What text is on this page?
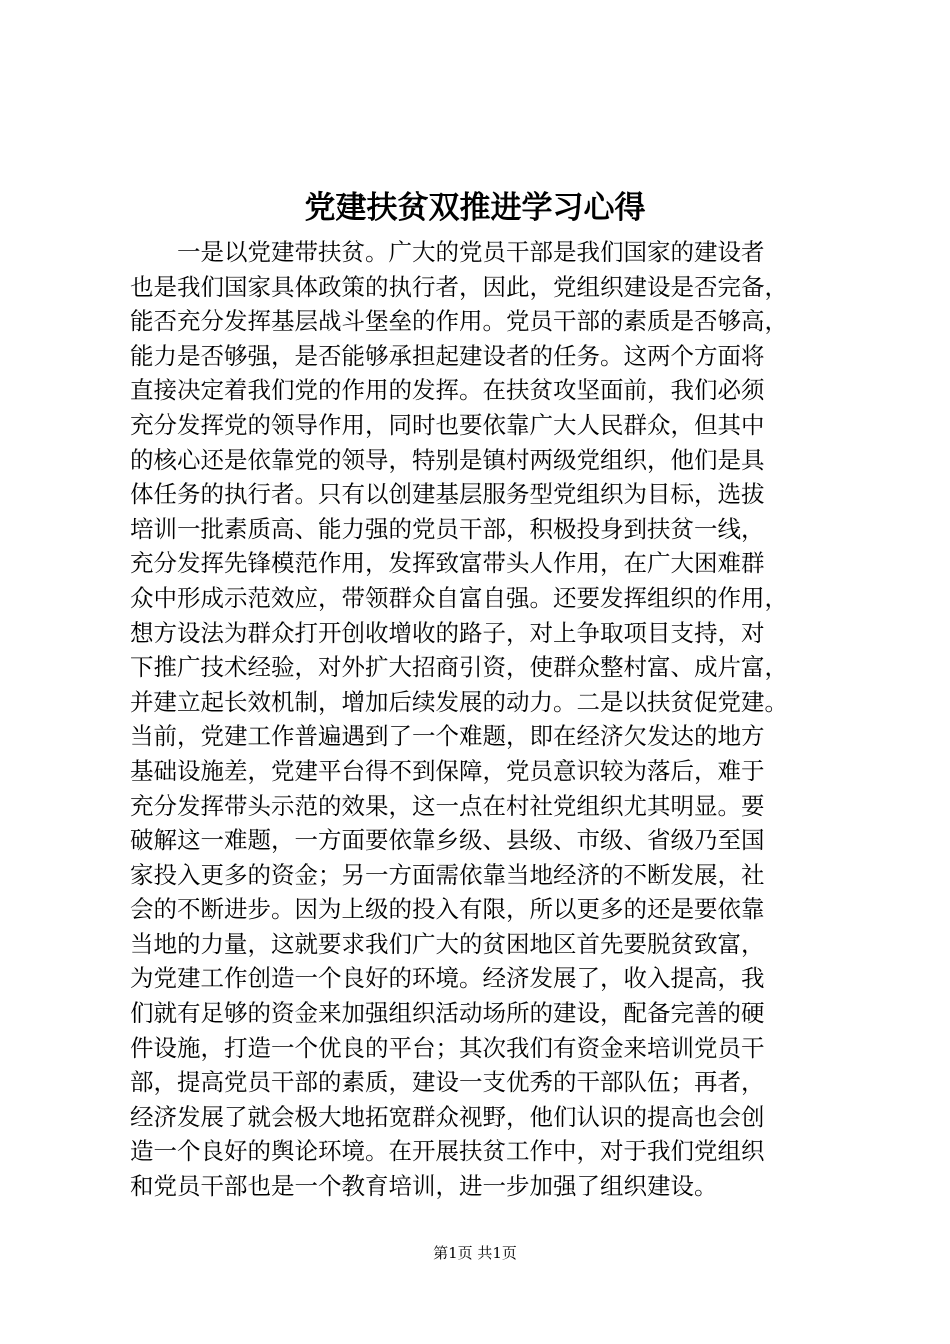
党建扶贫双推进学习心得
一是以党建带扶贫。广大的党员干部是我们国家的建设者
也是我们国家具体政策的执行者，因此，党组织建设是否完备，
能否充分发挥基层战斗堡垒的作用。党员干部的素质是否够高，
能力是否够强，是否能够承担起建设者的任务。这两个方面将
直接决定着我们党的作用的发挥。在扶贫攻坚面前，我们必须
充分发挥党的领导作用，同时也要依靠广大人民群众，但其中
的核心还是依靠党的领导，特别是镇村两级党组织，他们是具
体任务的执行者。只有以创建基层服务型党组织为目标，选拔
培训一批素质高、能力强的党员干部，积极投身到扶贫一线，
充分发挥先锋模范作用，发挥致富带头人作用，在广大困难群
众中形成示范效应，带领群众自富自强。还要发挥组织的作用，
想方设法为群众打开创收增收的路子，对上争取项目支持，对
下推广技术经验，对外扩大招商引资，使群众整村富、成片富，
并建立起长效机制，增加后续发展的动力。二是以扶贫促党建。
当前，党建工作普遍遇到了一个难题，即在经济欠发达的地方
基础设施差，党建平台得不到保障，党员意识较为落后，难于
充分发挥带头示范的效果，这一点在村社党组织尤其明显。要
破解这一难题，一方面要依靠乡级、县级、市级、省级乃至国
家投入更多的资金；另一方面需依靠当地经济的不断发展，社
会的不断进步。因为上级的投入有限，所以更多的还是要依靠
当地的力量，这就要求我们广大的贫困地区首先要脱贫致富，
为党建工作创造一个良好的环境。经济发展了，收入提高，我
们就有足够的资金来加强组织活动场所的建设，配备完善的硬
件设施，打造一个优良的平台；其次我们有资金来培训党员干
部，提高党员干部的素质，建设一支优秀的干部队伍；再者，
经济发展了就会极大地拓宽群众视野，他们认识的提高也会创
造一个良好的舆论环境。在开展扶贫工作中，对于我们党组织
和党员干部也是一个教育培训，进一步加强了组织建设。
第1页 共1页
